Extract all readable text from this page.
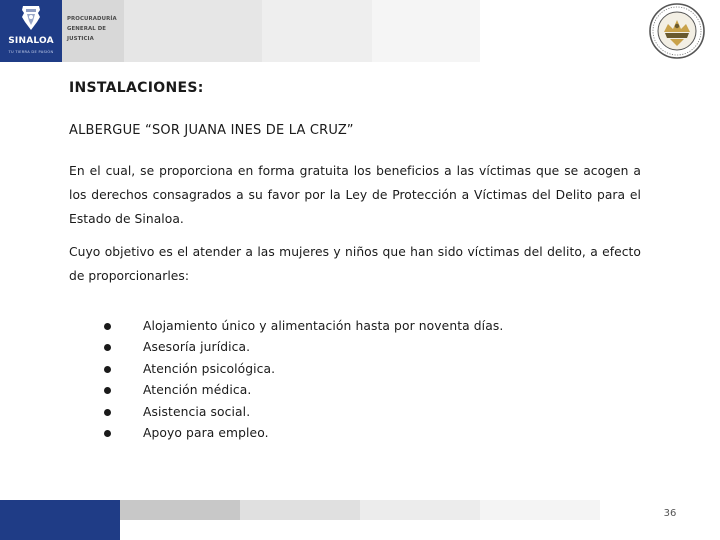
SINALOA
TU TIERRA DE PASIÓN
PROCURADURÍA
GENERAL DE
JUSTICIA
INSTALACIONES:
ALBERGUE “SOR JUANA INES DE LA CRUZ”

En el cual, se proporciona en forma gratuita los beneficios a las víctimas que se acogen a los derechos consagrados a su favor por la Ley de Protección a Víctimas del Delito para el Estado de Sinaloa.

Cuyo objetivo es el atender a las mujeres y niños que han sido víctimas del delito, a efecto de proporcionarles:

Alojamiento único y alimentación hasta por noventa días.
Asesoría jurídica.
Atención psicológica.
Atención médica.
Asistencia social.
Apoyo para empleo.
36
